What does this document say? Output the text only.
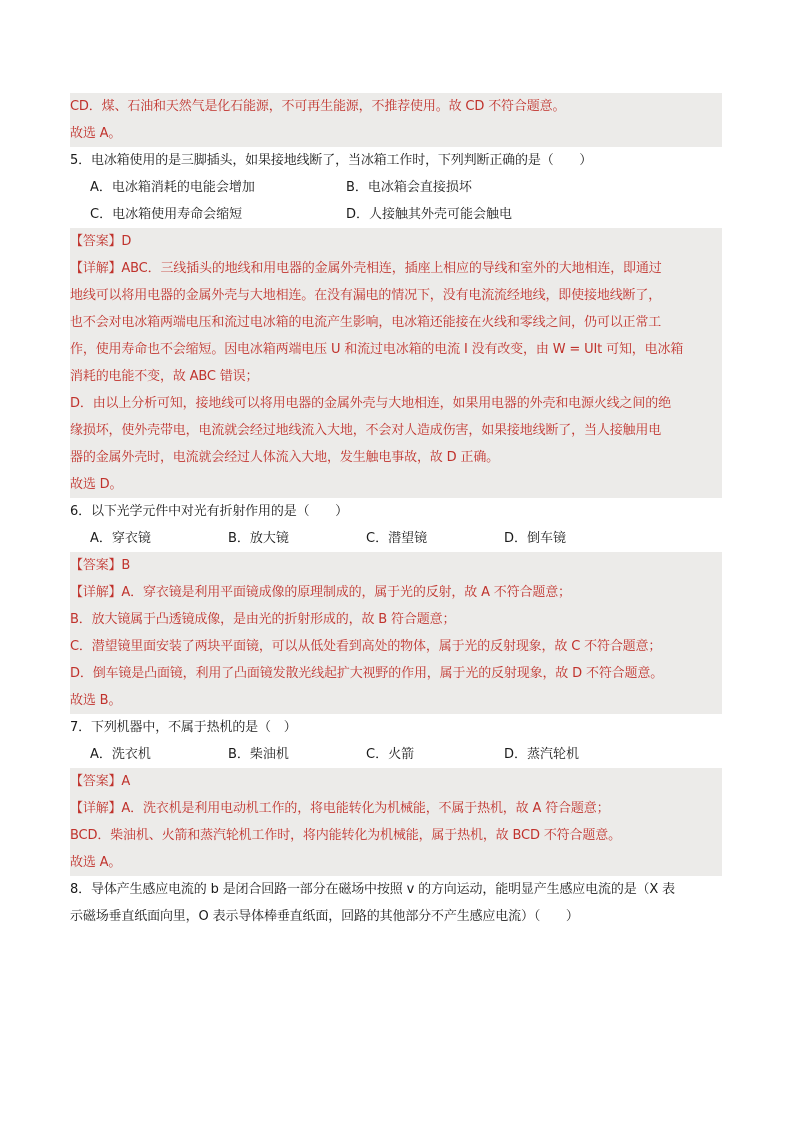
CD．煤、石油和天然气是化石能源，不可再生能源，不推荐使用。故 CD 不符合题意。
故选 A。
5．电冰箱使用的是三脚插头，如果接地线断了，当冰箱工作时，下列判断正确的是（　　）
A．电冰箱消耗的电能会增加	B．电冰箱会直接损坏
C．电冰箱使用寿命会缩短	D．人接触其外壳可能会触电
【答案】D
【详解】ABC．三线插头的地线和用电器的金属外壳相连，插座上相应的导线和室外的大地相连，即通过
地线可以将用电器的金属外壳与大地相连。在没有漏电的情况下，没有电流流经地线，即使接地线断了，
也不会对电冰箱两端电压和流过电冰箱的电流产生影响，电冰箱还能接在火线和零线之间，仍可以正常工
作，使用寿命也不会缩短。因电冰箱两端电压 U 和流过电冰箱的电流 I 没有改变，由 W = UIt 可知，电冰箱
消耗的电能不变，故 ABC 错误；
D．由以上分析可知，接地线可以将用电器的金属外壳与大地相连，如果用电器的外壳和电源火线之间的绝
缘损坏，使外壳带电，电流就会经过地线流入大地，不会对人造成伤害，如果接地线断了，当人接触用电
器的金属外壳时，电流就会经过人体流入大地，发生触电事故，故 D 正确。
故选 D。
6．以下光学元件中对光有折射作用的是（　　）
A．穿衣镜	B．放大镜	C．潜望镜	D．倒车镜
【答案】B
【详解】A．穿衣镜是利用平面镜成像的原理制成的，属于光的反射，故 A 不符合题意；
B．放大镜属于凸透镜成像，是由光的折射形成的，故 B 符合题意；
C．潜望镜里面安装了两块平面镜，可以从低处看到高处的物体，属于光的反射现象，故 C 不符合题意；
D．倒车镜是凸面镜，利用了凸面镜发散光线起扩大视野的作用，属于光的反射现象，故 D 不符合题意。
故选 B。
7．下列机器中，不属于热机的是（　）
A．洗衣机	B．柴油机	C．火箭	D．蒸汽轮机
【答案】A
【详解】A．洗衣机是利用电动机工作的，将电能转化为机械能，不属于热机，故 A 符合题意；
BCD．柴油机、火箭和蒸汽轮机工作时，将内能转化为机械能，属于热机，故 BCD 不符合题意。
故选 A。
8．导体产生感应电流的 b 是闭合回路一部分在磁场中按照 v 的方向运动，能明显产生感应电流的是（X 表
示磁场垂直纸面向里，O 表示导体棒垂直纸面，回路的其他部分不产生感应电流）（　　）
